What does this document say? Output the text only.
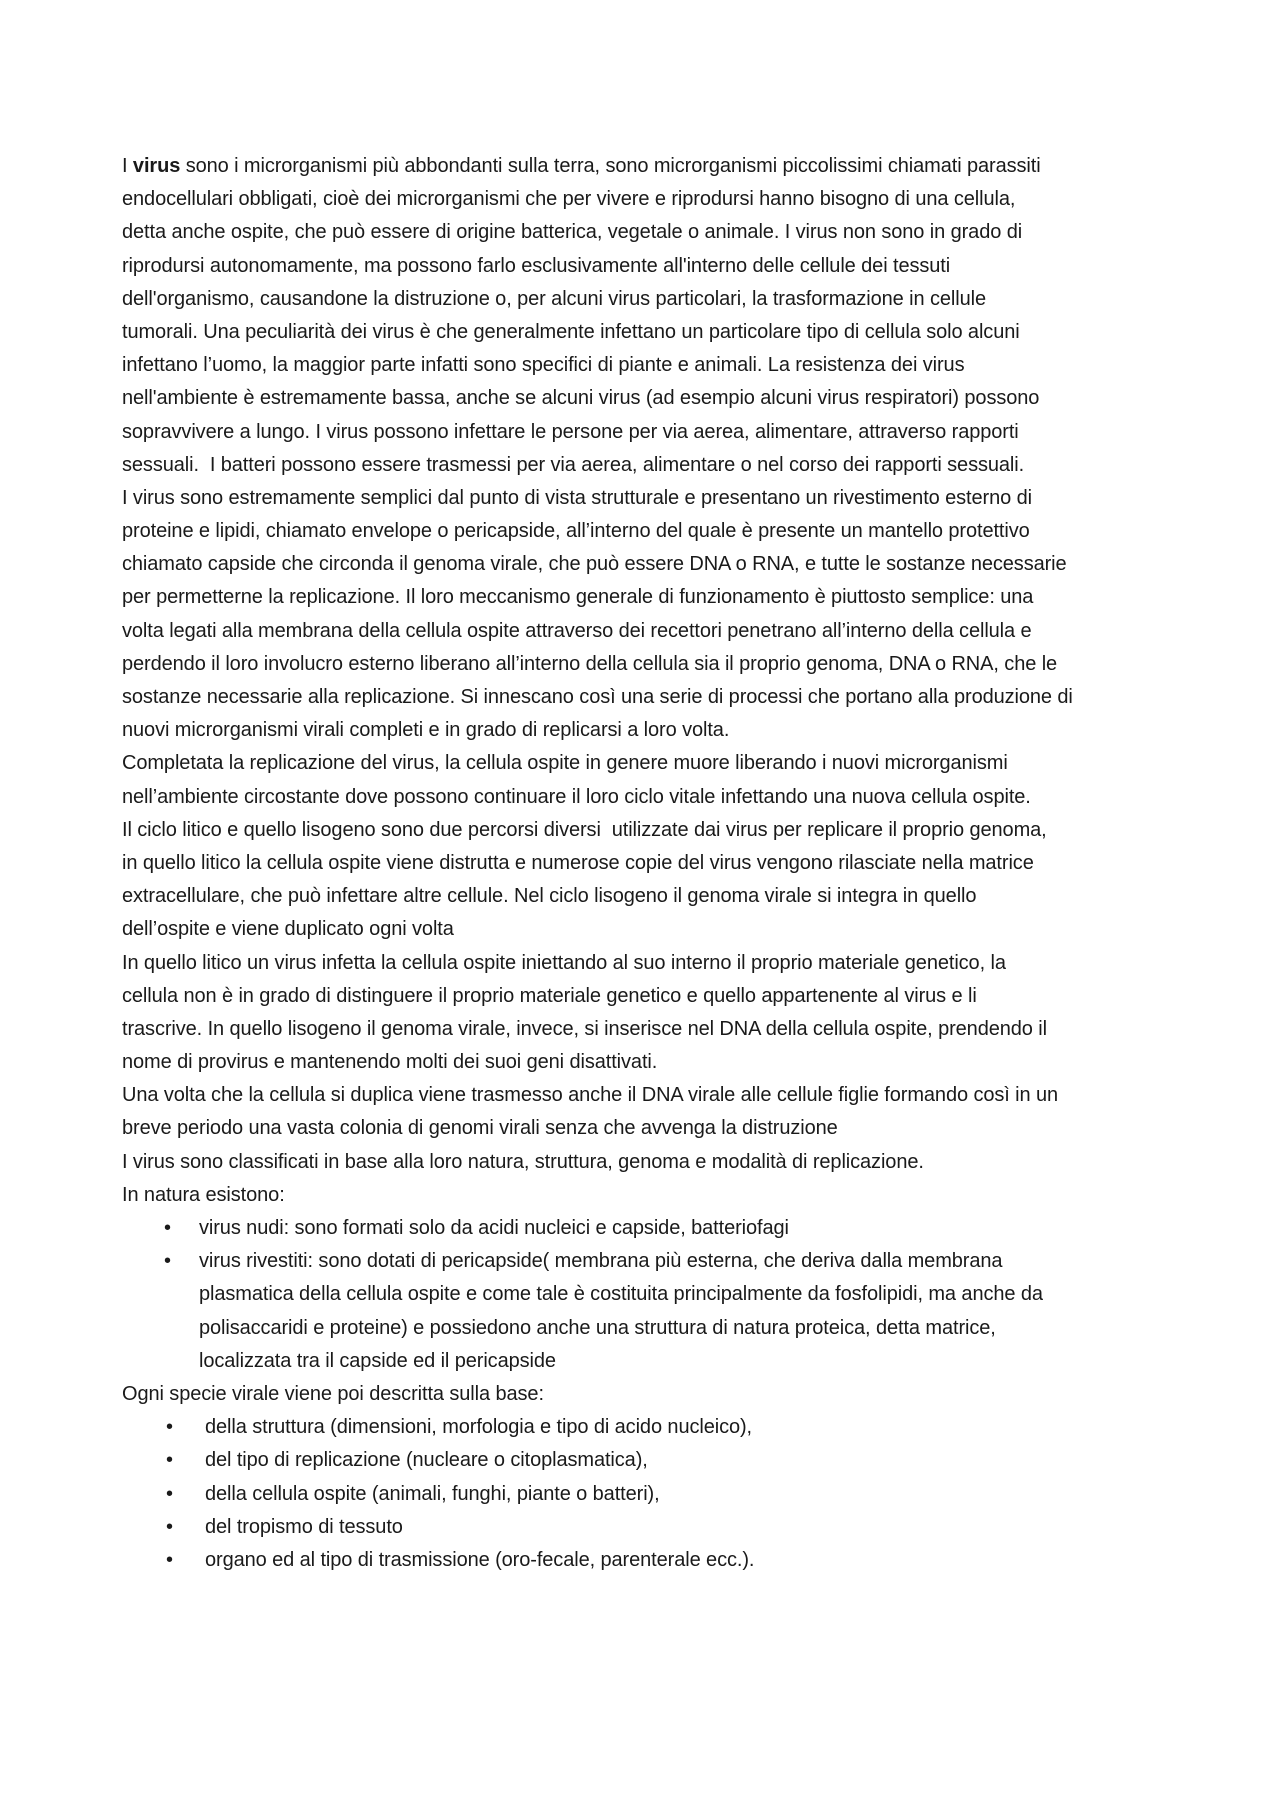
I virus sono i microrganismi più abbondanti sulla terra, sono microrganismi piccolissimi chiamati parassiti
endocellulari obbligati, cioè dei microrganismi che per vivere e riprodursi hanno bisogno di una cellula,
detta anche ospite, che può essere di origine batterica, vegetale o animale. I virus non sono in grado di
riprodursi autonomamente, ma possono farlo esclusivamente all'interno delle cellule dei tessuti
dell'organismo, causandone la distruzione o, per alcuni virus particolari, la trasformazione in cellule
tumorali. Una peculiarità dei virus è che generalmente infettano un particolare tipo di cellula solo alcuni
infettano l’uomo, la maggior parte infatti sono specifici di piante e animali. La resistenza dei virus
nell'ambiente è estremamente bassa, anche se alcuni virus (ad esempio alcuni virus respiratori) possono
sopravvivere a lungo. I virus possono infettare le persone per via aerea, alimentare, attraverso rapporti
sessuali.  I batteri possono essere trasmessi per via aerea, alimentare o nel corso dei rapporti sessuali.
I virus sono estremamente semplici dal punto di vista strutturale e presentano un rivestimento esterno di
proteine e lipidi, chiamato envelope o pericapside, all’interno del quale è presente un mantello protettivo
chiamato capside che circonda il genoma virale, che può essere DNA o RNA, e tutte le sostanze necessarie
per permetterne la replicazione. Il loro meccanismo generale di funzionamento è piuttosto semplice: una
volta legati alla membrana della cellula ospite attraverso dei recettori penetrano all’interno della cellula e
perdendo il loro involucro esterno liberano all’interno della cellula sia il proprio genoma, DNA o RNA, che le
sostanze necessarie alla replicazione. Si innescano così una serie di processi che portano alla produzione di
nuovi microrganismi virali completi e in grado di replicarsi a loro volta.
Completata la replicazione del virus, la cellula ospite in genere muore liberando i nuovi microrganismi
nell’ambiente circostante dove possono continuare il loro ciclo vitale infettando una nuova cellula ospite.
Il ciclo litico e quello lisogeno sono due percorsi diversi  utilizzate dai virus per replicare il proprio genoma,
in quello litico la cellula ospite viene distrutta e numerose copie del virus vengono rilasciate nella matrice
extracellulare, che può infettare altre cellule. Nel ciclo lisogeno il genoma virale si integra in quello
dell’ospite e viene duplicato ogni volta
In quello litico un virus infetta la cellula ospite iniettando al suo interno il proprio materiale genetico, la
cellula non è in grado di distinguere il proprio materiale genetico e quello appartenente al virus e li
trascrive. In quello lisogeno il genoma virale, invece, si inserisce nel DNA della cellula ospite, prendendo il
nome di provirus e mantenendo molti dei suoi geni disattivati.
Una volta che la cellula si duplica viene trasmesso anche il DNA virale alle cellule figlie formando così in un
breve periodo una vasta colonia di genomi virali senza che avvenga la distruzione
I virus sono classificati in base alla loro natura, struttura, genoma e modalità di replicazione.
In natura esistono:
• virus nudi: sono formati solo da acidi nucleici e capside, batteriofagi
• virus rivestiti: sono dotati di pericapside( membrana più esterna, che deriva dalla membrana
plasmatica della cellula ospite e come tale è costituita principalmente da fosfolipidi, ma anche da
polisaccaridi e proteine) e possiedono anche una struttura di natura proteica, detta matrice,
localizzata tra il capside ed il pericapside
Ogni specie virale viene poi descritta sulla base:
• della struttura (dimensioni, morfologia e tipo di acido nucleico),
• del tipo di replicazione (nucleare o citoplasmatica),
• della cellula ospite (animali, funghi, piante o batteri),
• del tropismo di tessuto
• organo ed al tipo di trasmissione (oro-fecale, parenterale ecc.).
